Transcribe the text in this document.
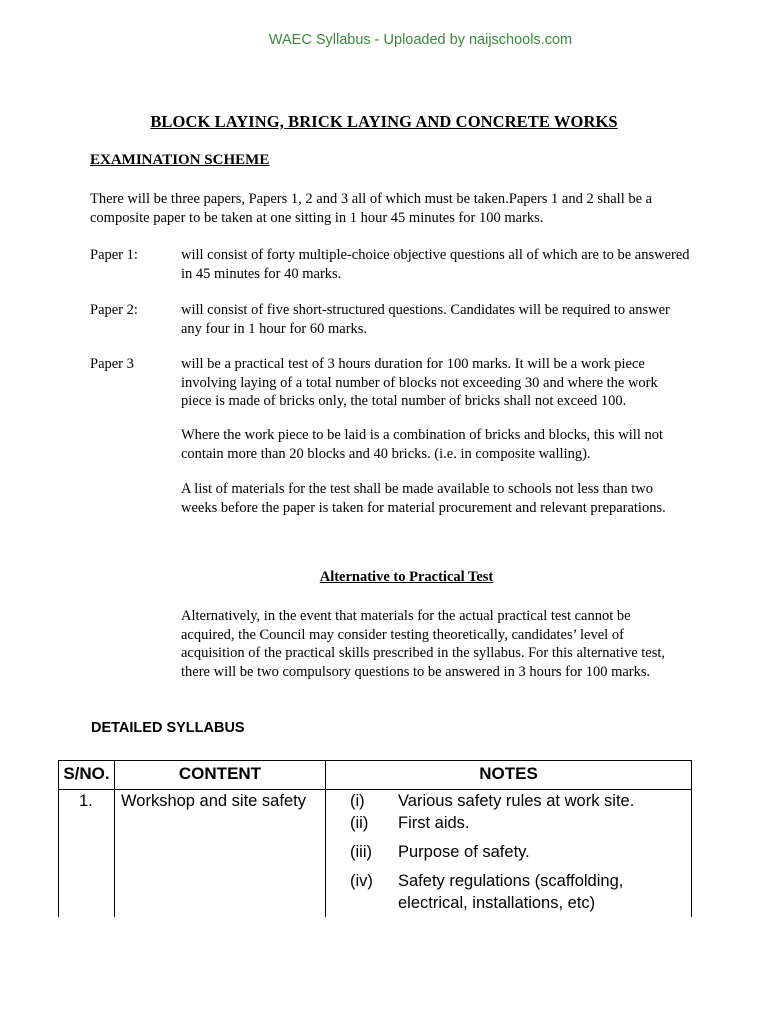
WAEC Syllabus - Uploaded by naijschools.com
BLOCK LAYING, BRICK LAYING AND CONCRETE WORKS
EXAMINATION SCHEME
There will be three papers, Papers 1, 2 and 3 all of which must be taken.Papers 1 and 2 shall be a composite paper to be taken at one sitting in 1 hour 45 minutes for 100 marks.
Paper 1:	will consist of forty multiple-choice objective questions all of which are to be answered in 45 minutes for 40 marks.
Paper 2:	will consist of five short-structured questions. Candidates will be required to answer any four in 1 hour for 60 marks.
Paper 3	will be a practical test of 3 hours duration for 100 marks. It will be a work piece involving laying of a total number of blocks not exceeding 30 and where the work piece is made of bricks only, the total number of bricks shall not exceed 100.
Where the work piece to be laid is a combination of bricks and blocks, this will not contain more than 20 blocks and 40 bricks. (i.e. in composite walling).
A list of materials for the test shall be made available to schools not less than two weeks before the paper is taken for material procurement and relevant preparations.
Alternative to Practical Test
Alternatively, in the event that materials for the actual practical test cannot be acquired, the Council may consider testing theoretically, candidates’ level of acquisition of the practical skills prescribed in the syllabus. For this alternative test, there will be two compulsory questions to be answered in 3 hours for 100 marks.
DETAILED SYLLABUS
S/NO.	CONTENT	NOTES
1. Workshop and site safety	(i) Various safety rules at work site.
(ii) First aids.
(iii) Purpose of safety.
(iv) Safety regulations (scaffolding, electrical, installations, etc)
